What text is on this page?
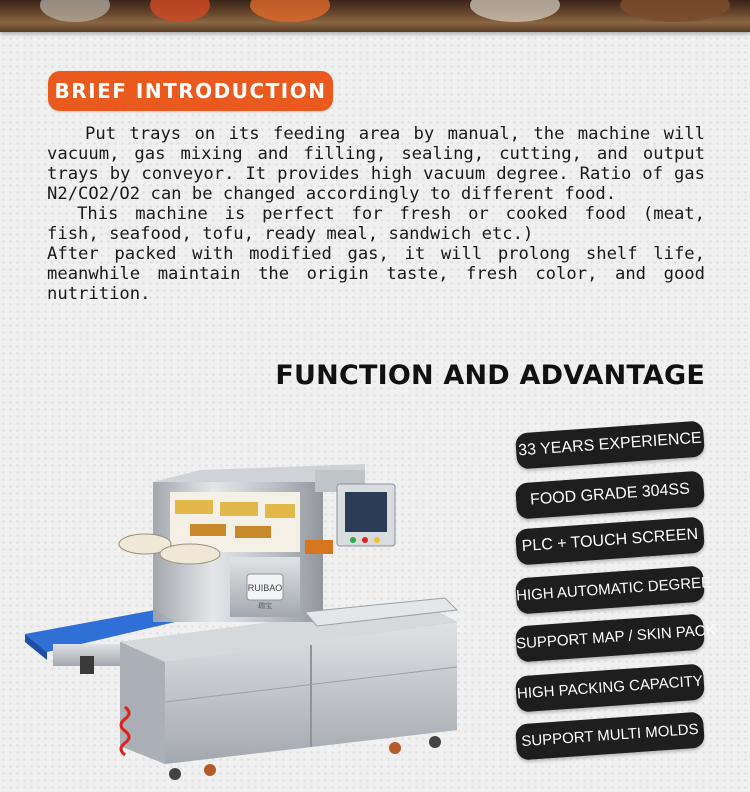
BRIEF INTRODUCTION

Put trays on its feeding area by manual, the machine will vacuum, gas mixing and filling, sealing, cutting, and output trays by conveyor. It provides high vacuum degree. Ratio of gas N2/CO2/O2 can be changed accordingly to different food.

This machine is perfect for fresh or cooked food (meat, fish, seafood, tofu, ready meal, sandwich etc.)

After packed with modified gas, it will prolong shelf life, meanwhile maintain the origin taste, fresh color, and good nutrition.

FUNCTION AND ADVANTAGE
33 YEARS EXPERIENCE
FOOD GRADE 304SS
PLC + TOUCH SCREEN
HIGH AUTOMATIC DEGREE
SUPPORT MAP / SKIN PACK
HIGH PACKING CAPACITY
SUPPORT MULTI MOLDS
RUIBAO
瑞宝
